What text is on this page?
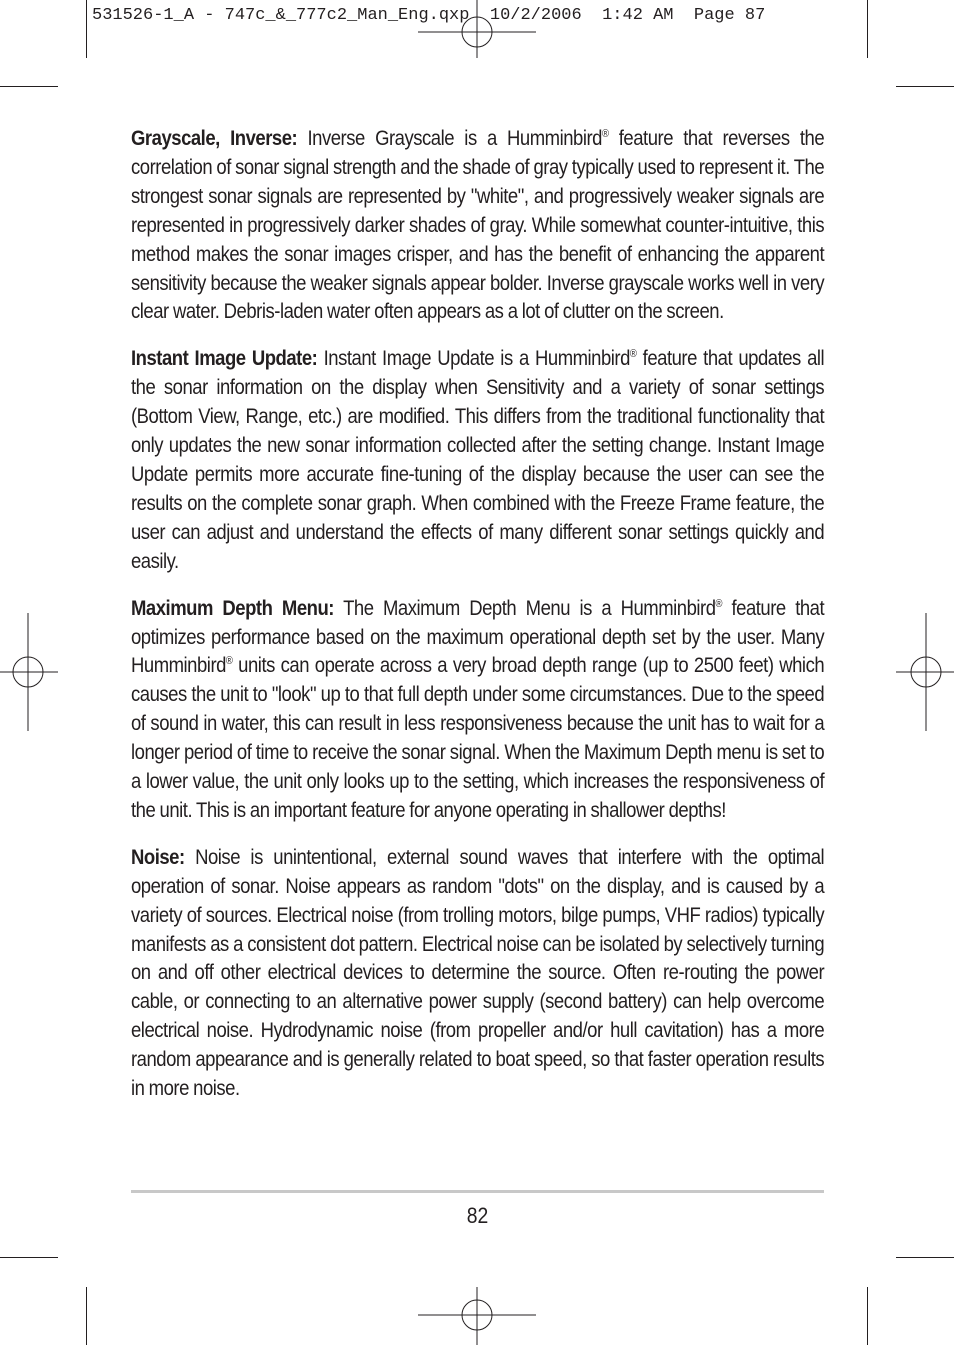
531526-1_A - 747c_&_777c2_Man_Eng.qxp  10/2/2006  1:42 AM  Page 87

Grayscale, Inverse: Inverse Grayscale is a Humminbird® feature that reverses the correlation of sonar signal strength and the shade of gray typically used to represent it. The strongest sonar signals are represented by "white", and progressively weaker signals are represented in progressively darker shades of gray. While somewhat counter-intuitive, this method makes the sonar images crisper, and has the benefit of enhancing the apparent sensitivity because the weaker signals appear bolder. Inverse grayscale works well in very clear water. Debris-laden water often appears as a lot of clutter on the screen.

Instant Image Update: Instant Image Update is a Humminbird® feature that updates all the sonar information on the display when Sensitivity and a variety of sonar settings (Bottom View, Range, etc.) are modified. This differs from the traditional functionality that only updates the new sonar information collected after the setting change. Instant Image Update permits more accurate fine-tuning of the display because the user can see the results on the complete sonar graph. When combined with the Freeze Frame feature, the user can adjust and understand the effects of many different sonar settings quickly and easily.

Maximum Depth Menu: The Maximum Depth Menu is a Humminbird® feature that optimizes performance based on the maximum operational depth set by the user. Many Humminbird® units can operate across a very broad depth range (up to 2500 feet) which causes the unit to "look" up to that full depth under some circumstances. Due to the speed of sound in water, this can result in less responsiveness because the unit has to wait for a longer period of time to receive the sonar signal. When the Maximum Depth menu is set to a lower value, the unit only looks up to the setting, which increases the responsiveness of the unit. This is an important feature for anyone operating in shallower depths!

Noise: Noise is unintentional, external sound waves that interfere with the optimal operation of sonar. Noise appears as random "dots" on the display, and is caused by a variety of sources. Electrical noise (from trolling motors, bilge pumps, VHF radios) typically manifests as a consistent dot pattern. Electrical noise can be isolated by selectively turning on and off other electrical devices to determine the source. Often re-routing the power cable, or connecting to an alternative power supply (second battery) can help overcome electrical noise. Hydrodynamic noise (from propeller and/or hull cavitation) has a more random appearance and is generally related to boat speed, so that faster operation results in more noise.

82
